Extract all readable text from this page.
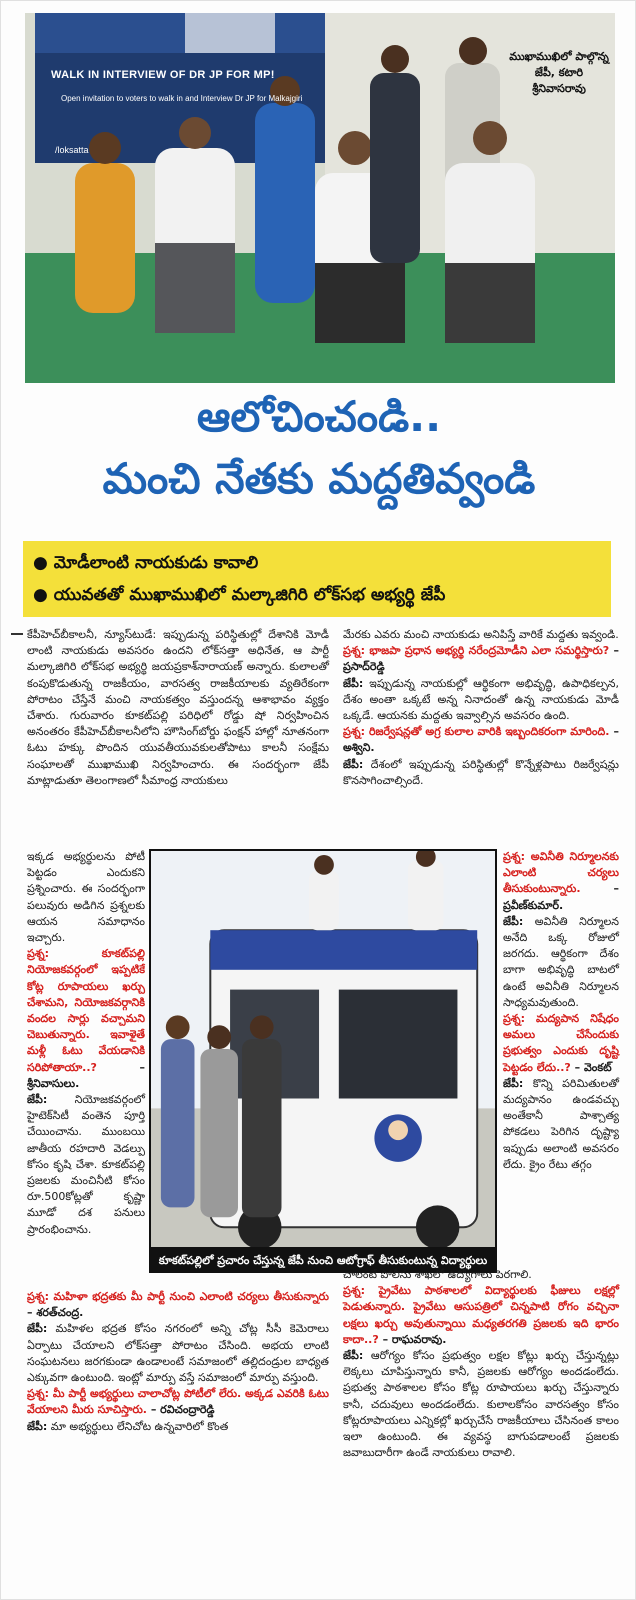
WALK IN INTERVIEW OF DR JP FOR MP!
Open invitation to voters to walk in and Interview Dr JP for Malkajgiri
/loksatta
ముఖాముఖిలో పాల్గొన్న జేపీ, కటారి శ్రీనివాసరావు
ఆలోచించండి..
మంచి నేతకు మద్దతివ్వండి
● మోడీలాంటి నాయకుడు కావాలి
● యువతతో ముఖాముఖిలో మల్కాజిగిరి లోక్‌సభ అభ్యర్థి జేపీ

కేపీహెచ్‌బీకాలనీ, న్యూస్‌టుడే: ఇప్పుడున్న పరిస్థితుల్లో దేశానికి మోడీ లాంటి నాయకుడు అవసరం ఉందని లోక్‌సత్తా అధినేత, ఆ పార్టీ మల్కాజిగిరి లోక్‌సభ అభ్యర్థి జయప్రకాశ్‌నారాయణ్ అన్నారు. కులాలతో కంపుకొడుతున్న రాజకీయం, వారసత్వ రాజకీయాలకు వ్యతిరేకంగా పోరాటం చేస్తేనే మంచి నాయకత్వం వస్తుందన్న ఆశాభావం వ్యక్తం చేశారు. గురువారం కూకట్‌పల్లి పరిధిలో రోడ్డు షో నిర్వహించిన అనంతరం కేపీహెచ్‌బీకాలనీలోని హౌసింగ్‌బోర్డు ఫంక్షన్ హాల్లో నూతనంగా ఓటు హక్కు పొందిన యువతీయువకులతోపాటు కాలనీ సంక్షేమ సంఘాలతో ముఖాముఖి నిర్వహించారు. ఈ సందర్భంగా జేపీ మాట్లాడుతూ తెలంగాణలో సీమాంధ్ర నాయకులు

ఇక్కడ అభ్యర్థులను పోటీ పెట్టడం ఎందుకని ప్రశ్నించారు. ఈ సందర్భంగా పలువురు అడిగిన ప్రశ్నలకు ఆయన సమాధానం ఇచ్చారు.

ప్రశ్న:	కూకట్‌పల్లి నియోజకవర్గంలో ఇప్పటికే కోట్ల రూపాయలు ఖర్చు చేశామని, నియోజకవర్గానికి వందల సార్లు వచ్చామని చెబుతున్నారు. ఇవాళైతే మళ్లీ ఓటు వేయడానికి సరిపోతాయా..?	– శ్రీనివాసులు.

జేపీ: నియోజకవర్గంలో హైటెక్‌సిటీ వంతెన పూర్తి చేయించాను. ముంబయి జాతీయ రహదారి వెడల్పు కోసం కృషి చేశా. కూకట్‌పల్లి ప్రజలకు మంచినీటి కోసం రూ.500కోట్లతో కృష్ణా మూడో దశ పనులు ప్రారంభించాను.

కూకట్‌పల్లిలో ప్రచారం చేస్తున్న జేపీ నుంచి ఆటోగ్రాఫ్ తీసుకుంటున్న విద్యార్థులు

మేరకు ఎవరు మంచి నాయకుడు అనిపిస్తే వారికే మద్దతు ఇవ్వండి.

ప్రశ్న: భాజపా ప్రధాన అభ్యర్థి నరేంద్రమోడీని ఎలా సమర్థిస్తారు? – ప్రసాద్‌రెడ్డి

జేపీ: ఇప్పుడున్న నాయకుల్లో ఆర్థికంగా అభివృద్ధి, ఉపాధికల్పన, దేశం అంతా ఒక్కటే అన్న నినాదంతో ఉన్న నాయకుడు మోడీ ఒక్కడే. ఆయనకు మద్దతు ఇవ్వాల్సిన అవసరం ఉంది.

ప్రశ్న: రిజర్వేషన్లతో అగ్ర కులాల వారికి ఇబ్బందికరంగా మారింది. – అశ్విని.

జేపీ: దేశంలో ఇప్పుడున్న పరిస్థితుల్లో కొన్నేళ్లపాటు రిజర్వేషన్లు కొనసాగించాల్సిందే.

ప్రశ్న: అవినీతి నిర్మూలనకు ఎలాంటి చర్యలు తీసుకుంటున్నారు.	– ప్రవీణ్‌కుమార్.

జేపీ: అవినీతి నిర్మూలన అనేది ఒక్క రోజులో జరగదు. ఆర్థికంగా దేశం బాగా అభివృద్ధి బాటలో ఉంటే అవినీతి నిర్మూలన సాధ్యమవుతుంది.

ప్రశ్న: మద్యపాన నిషేధం అమలు చేసేందుకు ప్రభుత్వం ఎందుకు దృష్టి పెట్టడం లేదు..? – వెంకట్

జేపీ: కొన్ని పరిమితులతో మద్యపానం ఉండవచ్చు అంతేకానీ పాశ్చాత్య పోకడలు పెరిగిన దృష్ట్యా ఇప్పుడు అలాంటి అవసరం లేదు. క్రైం రేటు తగ్గం

ప్రశ్న: మహిళా భద్రతకు మీ పార్టీ నుంచి ఎలాంటి చర్యలు తీసుకున్నారు – శరత్‌చంద్ర.

జేపీ: మహిళల భద్రత కోసం నగరంలో అన్ని చోట్ల సీసీ కెమెరాలు ఏర్పాటు చేయాలని లోక్‌సత్తా పోరాటం చేసింది. అభయ లాంటి సంఘటనలు జరగకుండా ఉండాలంటే సమాజంలో తల్లిదండ్రుల బాధ్యత ఎక్కువగా ఉంటుంది. ఇంట్లో మార్పు వస్తే సమాజంలో మార్పు వస్తుంది.

ప్రశ్న: మీ పార్టీ అభ్యర్థులు చాలాచోట్ల పోటీలో లేరు. అక్కడ ఎవరికి ఓటు వేయాలని మీరు సూచిస్తారు. – రవిచంద్రారెడ్డి

జేపీ: మా అభ్యర్థులు లేనిచోట ఉన్నవారిలో కొంత

చాలంటే పోలీసు శాఖలో ఉద్యోగాలు పెరగాలి.

ప్రశ్న: ప్రైవేటు పాఠశాలలో విద్యార్థులకు ఫీజులు లక్షల్లో పెడుతున్నారు. ప్రైవేటు ఆసుపత్రిలో చిన్నపాటి రోగం వచ్చినా లక్షలు ఖర్చు అవుతున్నాయి మధ్యతరగతి ప్రజలకు ఇది భారం కాదా..? – రాఘవరావు.

జేపీ: ఆరోగ్యం కోసం ప్రభుత్వం లక్షల కోట్లు ఖర్చు చేస్తున్నట్లు లెక్కలు చూపిస్తున్నారు కానీ, ప్రజలకు ఆరోగ్యం అందడంలేదు. ప్రభుత్వ పాఠశాలల కోసం కోట్ల రూపాయలు ఖర్చు చేస్తున్నారు కానీ, చదువులు అందడంలేదు. కులాలకోసం వారసత్వం కోసం కోట్లరూపాయలు ఎన్నికల్లో ఖర్చుచేసే రాజకీయాలు చేసినంత కాలం ఇలా ఉంటుంది. ఈ వ్యవస్థ బాగుపడాలంటే ప్రజలకు జవాబుదారీగా ఉండే నాయకులు రావాలి.
